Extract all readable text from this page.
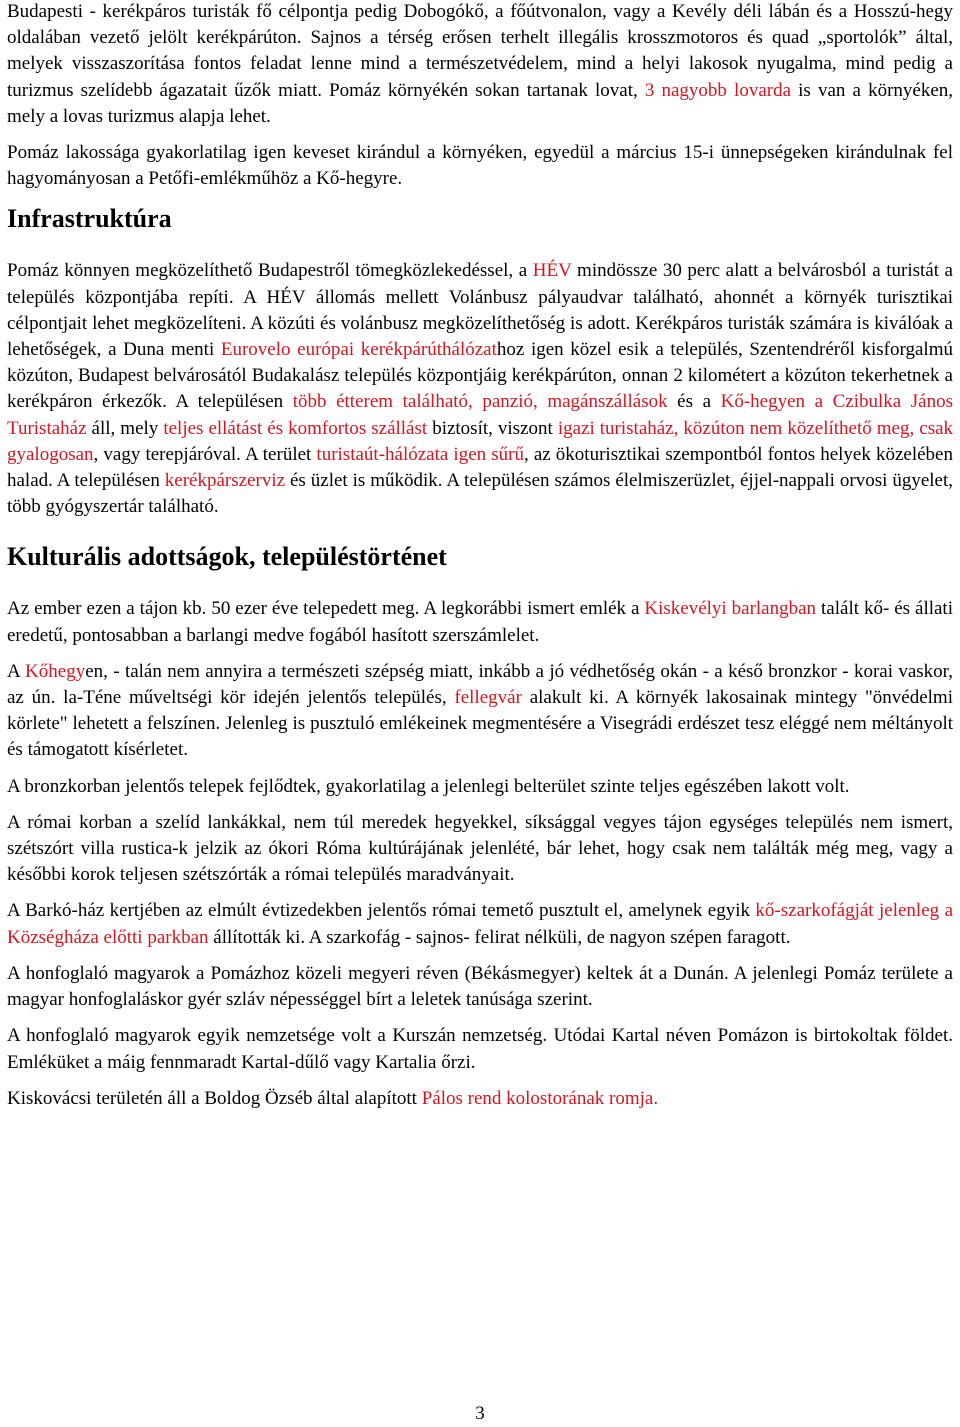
Budapesti - kerékpáros turisták fő célpontja pedig Dobogókő, a főútvonalon, vagy a Kevély déli lábán és a Hosszú-hegy oldalában vezető jelölt kerékpárúton. Sajnos a térség erősen terhelt illegális krosszmotoros és quad „sportolók” által, melyek visszaszorítása fontos feladat lenne mind a természetvédelem, mind a helyi lakosok nyugalma, mind pedig a turizmus szelídebb ágazatait űzők miatt. Pomáz környékén sokan tartanak lovat, 3 nagyobb lovarda is van a környéken, mely a lovas turizmus alapja lehet.

Pomáz lakossága gyakorlatilag igen keveset kirándul a környéken, egyedül a március 15-i ünnepségeken kirándulnak fel hagyományosan a Petőfi-emlékműhöz a Kő-hegyre.

Infrastruktúra

Pomáz könnyen megközelíthető Budapestről tömegközlekedéssel, a HÉV mindössze 30 perc alatt a belvárosból a turistát a település központjába repíti. A HÉV állomás mellett Volánbusz pályaudvar található, ahonnét a környék turisztikai célpontjait lehet megközelíteni. A közúti és volánbusz megközelíthetőség is adott. Kerékpáros turisták számára is kiválóak a lehetőségek, a Duna menti Eurovelo európai kerékpárúthálózathoz igen közel esik a település, Szentendréről kisforgalmú közúton, Budapest belvárosától Budakalász település központjáig kerékpárúton, onnan 2 kilométert a közúton tekerhetnek a kerékpáron érkezők. A településen több étterem található, panzió, magánszállások és a Kő-hegyen a Czibulka János Turistaház áll, mely teljes ellátást és komfortos szállást biztosít, viszont igazi turistaház, közúton nem közelíthető meg, csak gyalogosan, vagy terepjáróval. A terület turistaút-hálózata igen sűrű, az ökoturisztikai szempontból fontos helyek közelében halad. A településen kerékpárszerviz és üzlet is működik. A településen számos élelmiszerüzlet, éjjel-nappali orvosi ügyelet, több gyógyszertár található.

Kulturális adottságok, településtörténet

Az ember ezen a tájon kb. 50 ezer éve telepedett meg. A legkorábbi ismert emlék a Kiskevélyi barlangban talált kő- és állati eredetű, pontosabban a barlangi medve fogából hasított szerszámlelet.

A Kőhegyen, - talán nem annyira a természeti szépség miatt, inkább a jó védhetőség okán - a késő bronzkor - korai vaskor, az ún. la-Téne műveltségi kör idején jelentős település, fellegvár alakult ki. A környék lakosainak mintegy "önvédelmi körlete" lehetett a felszínen. Jelenleg is pusztuló emlékeinek megmentésére a Visegrádi erdészet tesz eléggé nem méltányolt és támogatott kísérletet.

A bronzkorban jelentős telepek fejlődtek, gyakorlatilag a jelenlegi belterület szinte teljes egészében lakott volt.

A római korban a szelíd lankákkal, nem túl meredek hegyekkel, síksággal vegyes tájon egységes település nem ismert, szétszórt villa rustica-k jelzik az ókori Róma kultúrájának jelenlété, bár lehet, hogy csak nem találták még meg, vagy a későbbi korok teljesen szétszórták a római település maradványait.

A Barkó-ház kertjében az elmúlt évtizedekben jelentős római temető pusztult el, amelynek egyik kő-szarkofágját jelenleg a Községháza előtti parkban állították ki. A szarkofág - sajnos- felirat nélküli, de nagyon szépen faragott.

A honfoglaló magyarok a Pomázhoz közeli megyeri réven (Békásmegyer) keltek át a Dunán. A jelenlegi Pomáz területe a magyar honfoglaláskor gyér szláv népességgel bírt a leletek tanúsága szerint.

A honfoglaló magyarok egyik nemzetsége volt a Kurszán nemzetség. Utódai Kartal néven Pomázon is birtokoltak földet. Emléküket a máig fennmaradt Kartal-dűlő vagy Kartalia őrzi.

Kiskovácsi területén áll a Boldog Özséb által alapított Pálos rend kolostorának romja.

3
